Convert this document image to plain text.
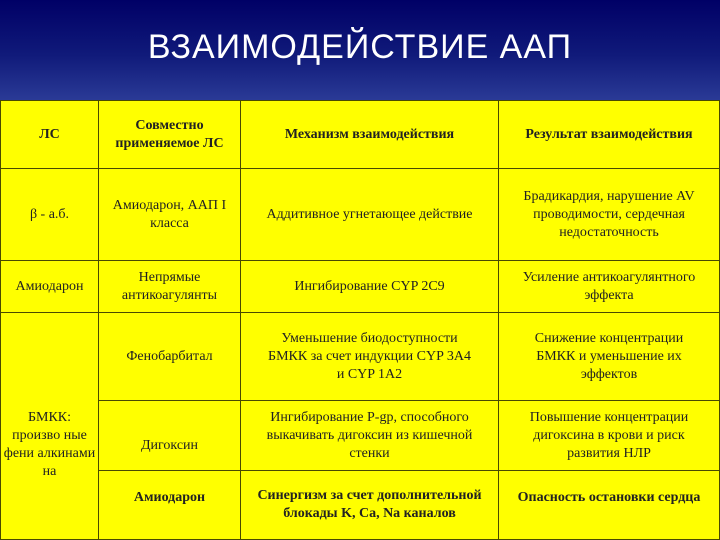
ВЗАИМОДЕЙСТВИЕ ААП
ЛС
Совместно применяемое ЛС
Механизм взаимодействия	Результат взаимодействия
β - а.б.
Амиодарон, ААП I класса
Аддитивное угнетающее действие
Брадикардия, нарушение AV проводимости, сердечная недостаточность
Амиодарон
Непрямые антикоагулянты
Ингибирование CYP 2C9
Усиление антикоагулянтного эффекта
БМКК: произво ные фени алкинами на
Фенобарбитал
Уменьшение биодоступности БМКК за счет индукции CYP 3A4 и CYP 1A2
Снижение концентрации БМКК и уменьшение их эффектов
Дигоксин
Ингибирование P-gp, способного выкачивать дигоксин из кишечной стенки
Повышение концентрации дигоксина в крови и риск развития НЛР
Амиодарон	Синергизм за счет дополнительной блокады K, Ca, Na каналов
Опасность остановки сердца
